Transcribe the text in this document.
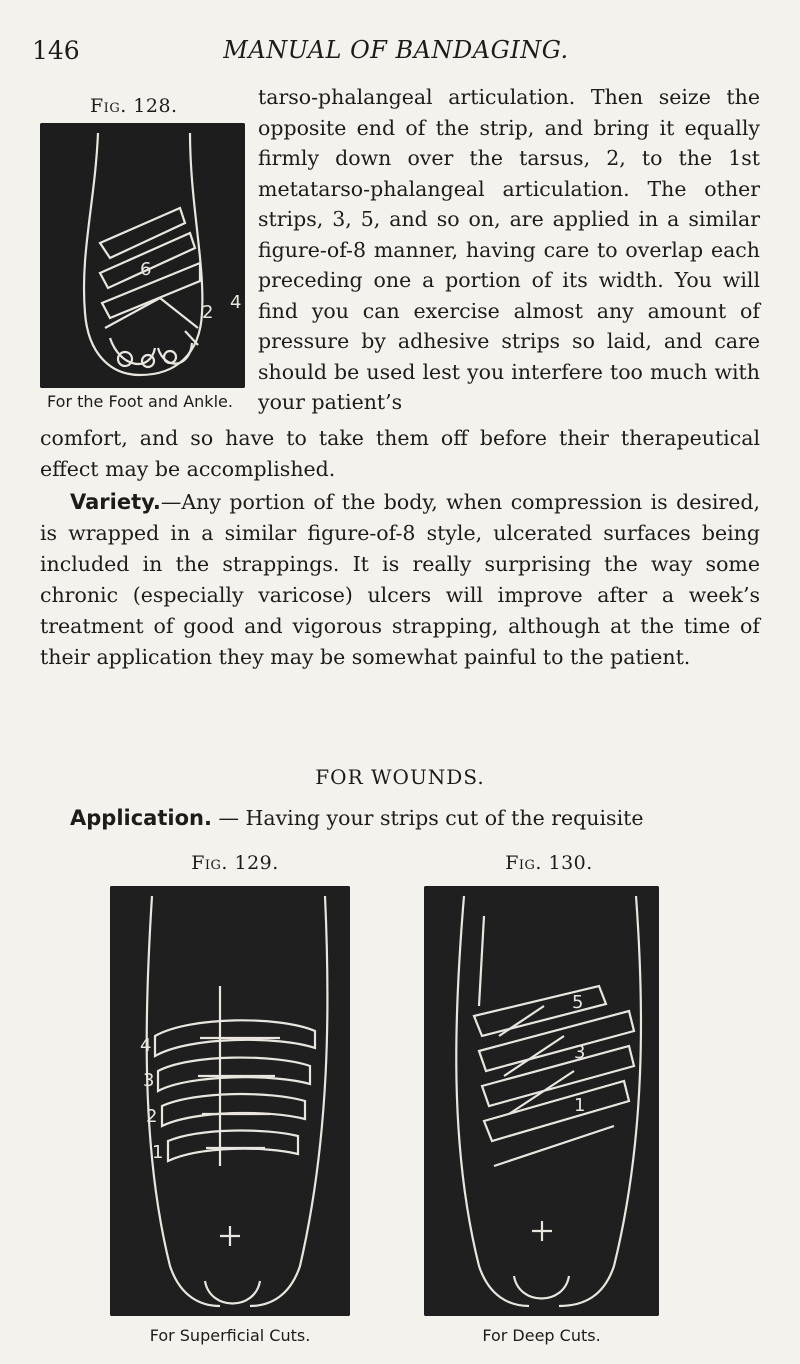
146	MANUAL OF BANDAGING.
Fig. 128.
6
2 4
For the Foot and Ankle.

tarso-phalangeal articulation. Then seize the opposite end of the strip, and bring it equally firmly down over the tarsus, 2, to the 1st metatarso-phalangeal articulation. The other strips, 3, 5, and so on, are applied in a similar figure-of-8 manner, having care to overlap each preceding one a portion of its width. You will find you can exercise almost any amount of pressure by adhesive strips so laid, and care should be used lest you interfere too much with your patient’s

comfort, and so have to take them off before their therapeutical effect may be accomplished.

Variety.—Any portion of the body, when compression is desired, is wrapped in a similar figure-of-8 style, ulcerated surfaces being included in the strappings. It is really surprising the way some chronic (especially varicose) ulcers will improve after a week’s treatment of good and vigorous strapping, although at the time of their application they may be somewhat painful to the patient.

FOR WOUNDS.

Application. — Having your strips cut of the requisite

Fig. 129.
4
3
2
1
For Superficial Cuts.
Fig. 130.
5
3
1
For Deep Cuts.
